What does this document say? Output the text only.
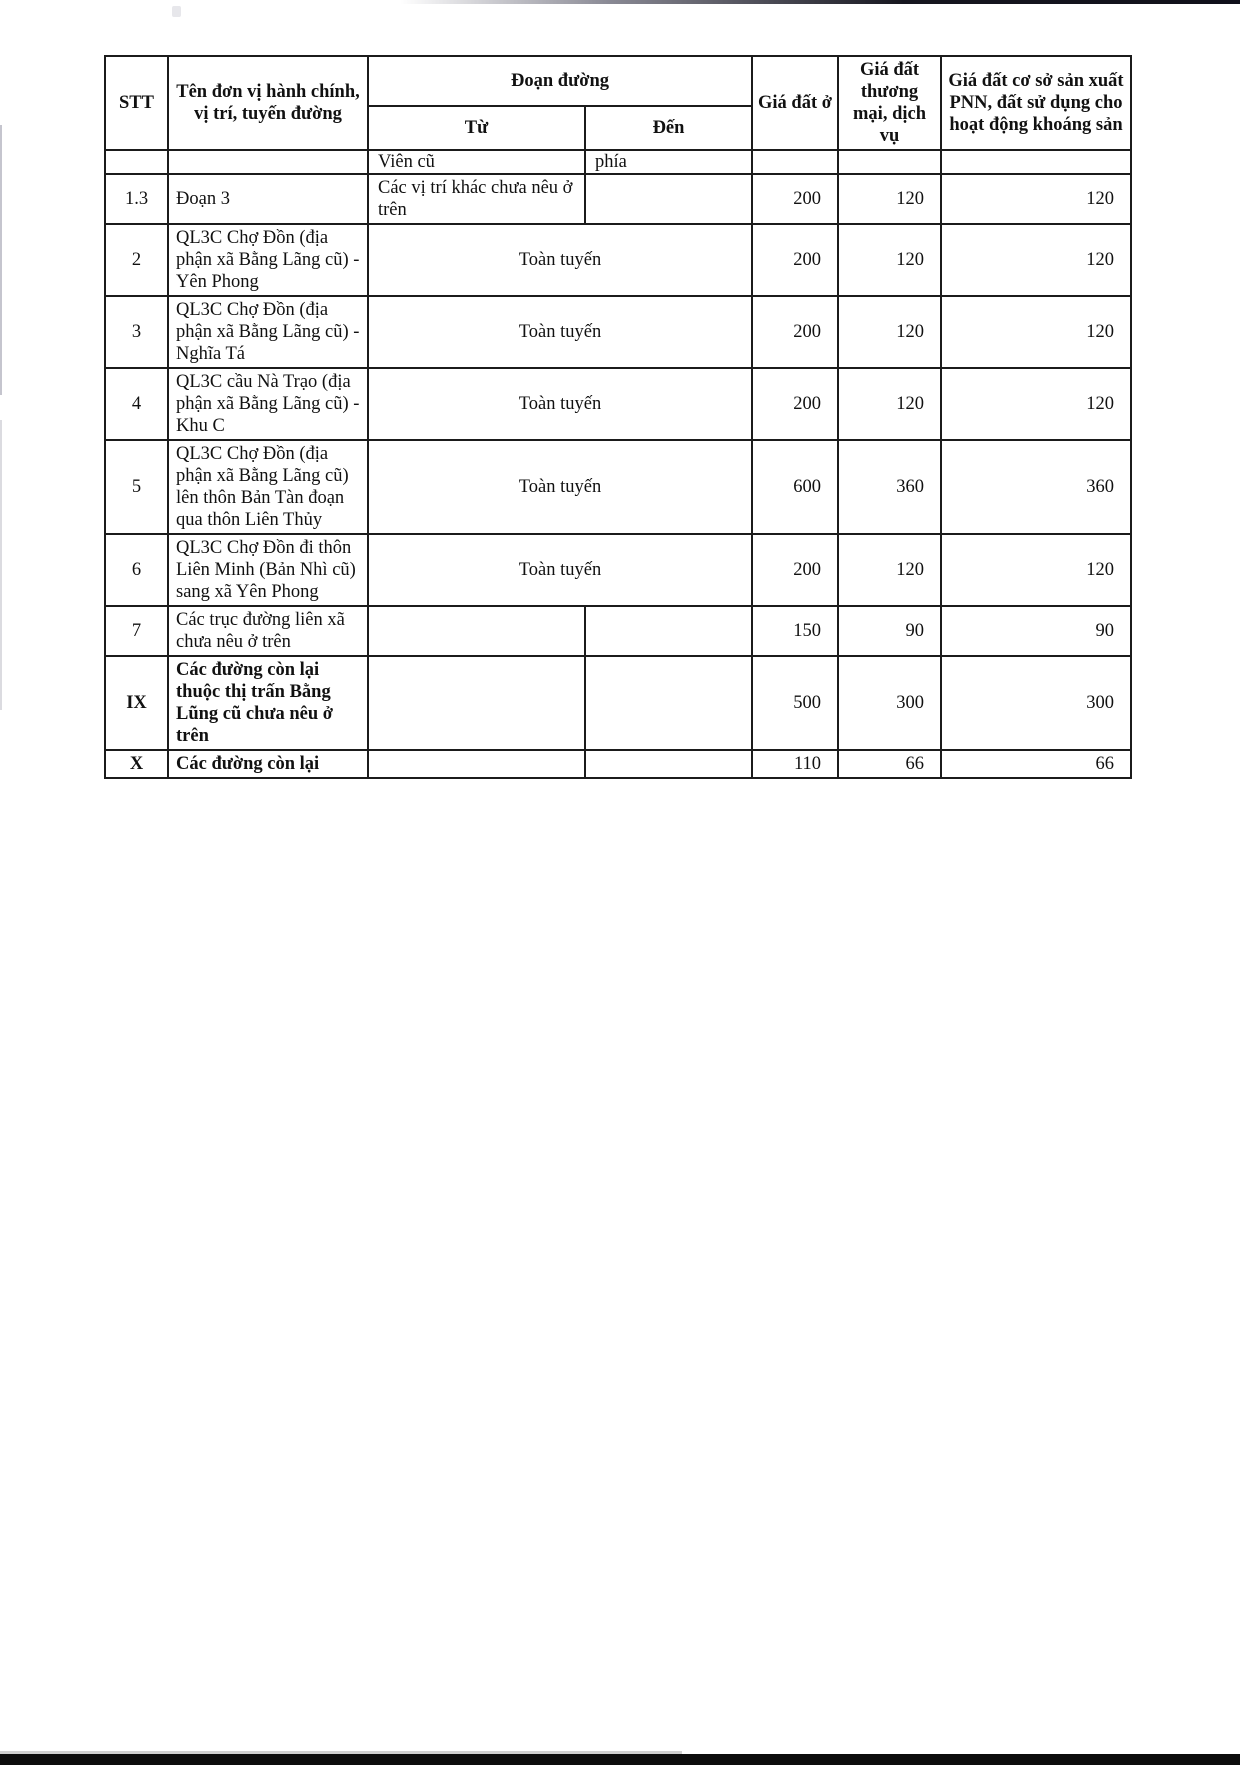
STT	Tên đơn vị hành chính, vị trí, tuyến đường	Đoạn đường		Giá đất ở	Giá đất thương mại, dịch vụ	Giá đất cơ sở sản xuất PNN, đất sử dụng cho hoạt động khoáng sản
		Từ	Đến			
		Viên cũ	phía			
1.3	Đoạn 3	Các vị trí khác chưa nêu ở trên		200	120	120
2	QL3C Chợ Đồn (địa phận xã Bằng Lãng cũ) - Yên Phong	Toàn tuyến		200	120	120
3	QL3C Chợ Đồn (địa phận xã Bằng Lãng cũ) - Nghĩa Tá	Toàn tuyến		200	120	120
4	QL3C cầu Nà Trạo (địa phận xã Bằng Lãng cũ) - Khu C	Toàn tuyến		200	120	120
5	QL3C Chợ Đồn (địa phận xã Bằng Lãng cũ) lên thôn Bản Tàn đoạn qua thôn Liên Thủy	Toàn tuyến		600	360	360
6	QL3C Chợ Đồn đi thôn Liên Minh (Bản Nhì cũ) sang xã Yên Phong	Toàn tuyến		200	120	120
7	Các trục đường liên xã chưa nêu ở trên			150	90	90
IX	Các đường còn lại thuộc thị trấn Bằng Lũng cũ chưa nêu ở trên			500	300	300
X	Các đường còn lại			110	66	66
